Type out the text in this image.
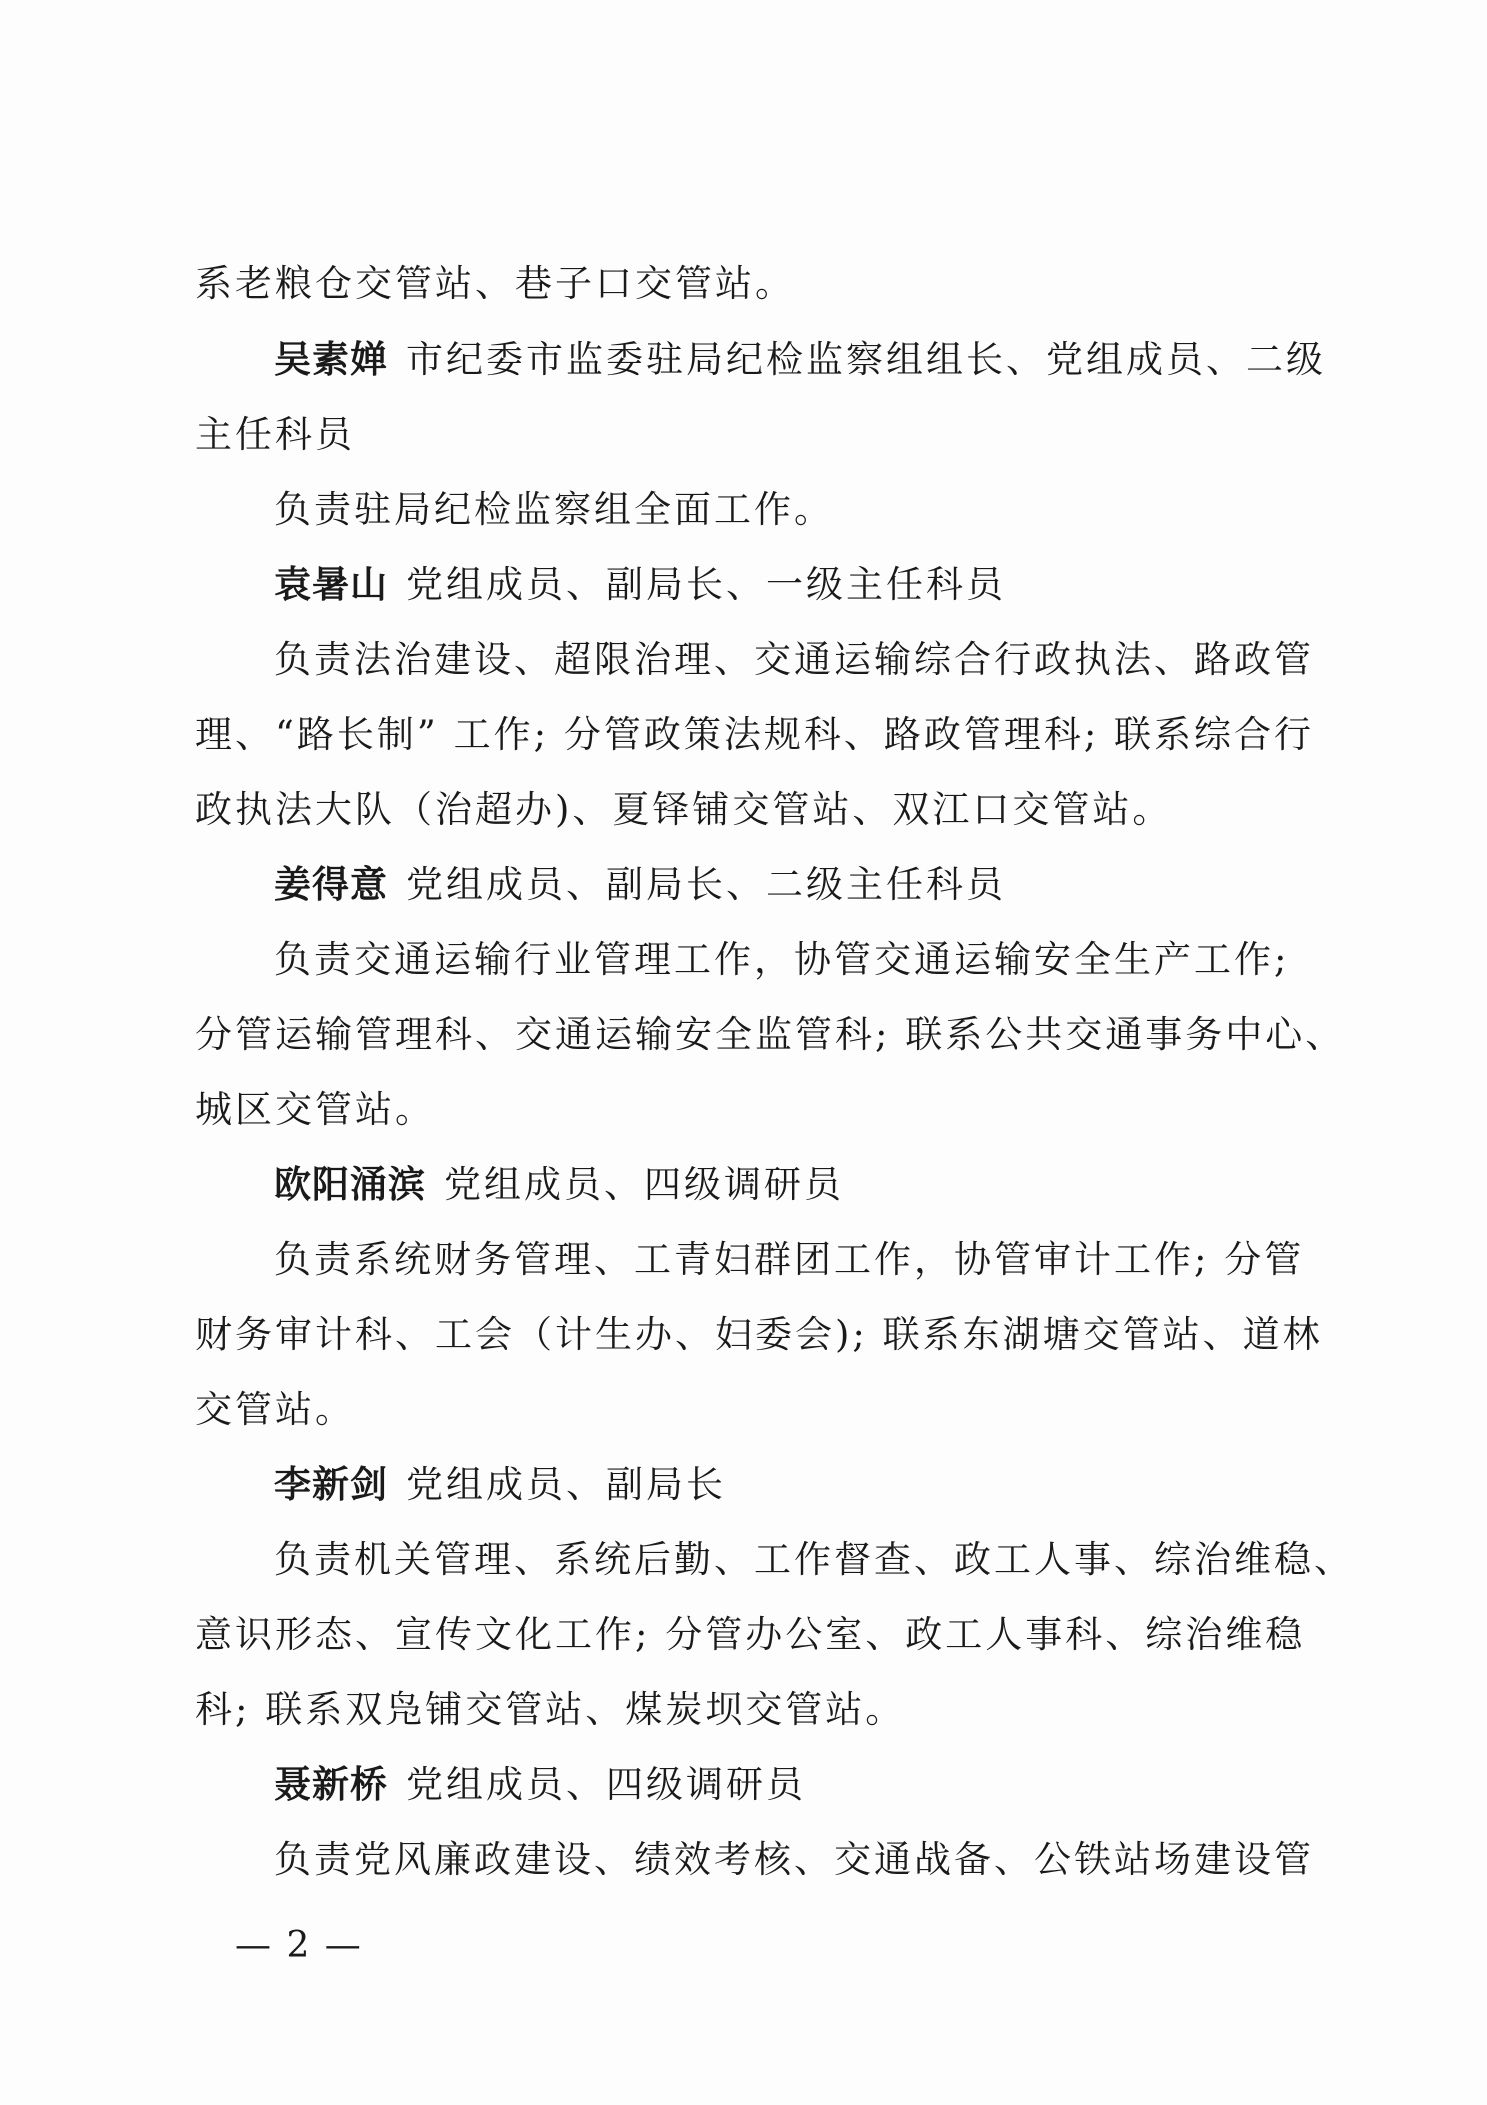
系老粮仓交管站、巷子口交管站。
吴素婵 市纪委市监委驻局纪检监察组组长、党组成员、二级
主任科员
负责驻局纪检监察组全面工作。
袁暑山 党组成员、副局长、一级主任科员
负责法治建设、超限治理、交通运输综合行政执法、路政管
理、“路长制” 工作; 分管政策法规科、路政管理科; 联系综合行
政执法大队（治超办)、夏铎铺交管站、双江口交管站。
姜得意 党组成员、副局长、二级主任科员
负责交通运输行业管理工作，协管交通运输安全生产工作;
分管运输管理科、交通运输安全监管科; 联系公共交通事务中心、
城区交管站。
欧阳涌滨 党组成员、四级调研员
负责系统财务管理、工青妇群团工作，协管审计工作; 分管
财务审计科、工会（计生办、妇委会); 联系东湖塘交管站、道林
交管站。
李新剑 党组成员、副局长
负责机关管理、系统后勤、工作督查、政工人事、综治维稳、
意识形态、宣传文化工作; 分管办公室、政工人事科、综治维稳
科; 联系双凫铺交管站、煤炭坝交管站。
聂新桥 党组成员、四级调研员
负责党风廉政建设、绩效考核、交通战备、公铁站场建设管
— 2 —
